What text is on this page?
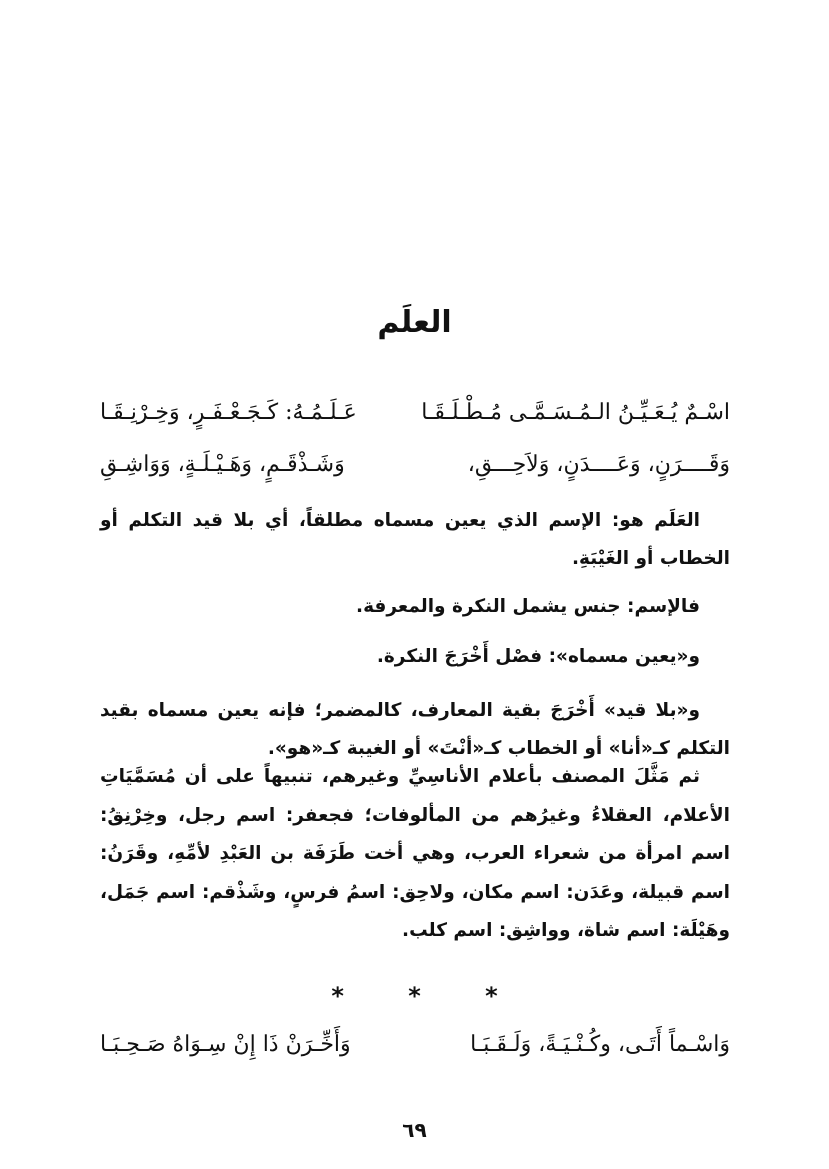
العلَم
اسْـمٌ يُـعَـيِّـنُ الـمُـسَـمَّـى مُـطْـلَـقَـا
عَـلَـمُـهُ: كَـجَـعْـفَـرٍ، وَخِـرْنِـقَـا
وَقَــــرَنٍ، وَعَــــدَنٍ، وَلاَحِـــقِ،
وَشَـذْقَـمٍ، وَهَـيْـلَـةٍ، وَوَاشِـقِ

العَلَم هو: الإسم الذي يعين مسماه مطلقاً، أي بلا قيد التكلم أو الخطاب أو الغَيْبَةِ.

فالإسم: جنس يشمل النكرة والمعرفة.

و«يعين مسماه»: فصْل أَخْرَجَ النكرة.

و«بلا قيد» أَخْرَجَ بقية المعارف، كالمضمر؛ فإنه يعين مسماه بقيد التكلم كـ«أنا» أو الخطاب كـ«أنْتَ» أو الغيبة كـ«هو».

ثم مَثَّلَ المصنف بأعلام الأناسِيِّ وغيرهم، تنبيهاً على أن مُسَمَّيَاتِ الأعلام، العقلاءُ وغيرُهم من المألوفات؛ فجعفر: اسم رجل، وخِرْنِقُ: اسم امرأة من شعراء العرب، وهي أخت طَرَفَة بن العَبْدِ لأمِّهِ، وقَرَنُ: اسم قبيلة، وعَدَن: اسم مكان، ولاحِق: اسمُ فرسٍ، وشَذْقم: اسم جَمَل، وهَيْلَة: اسم شاة، وواشِق: اسم كلب.

* * *
وَاسْـماً أَتَـى، وكُـنْـيَـةً، وَلَـقَـبَـا
وَأَخِّـرَنْ ذَا إِنْ سِـوَاهُ صَـحِـبَـا
٦٩
